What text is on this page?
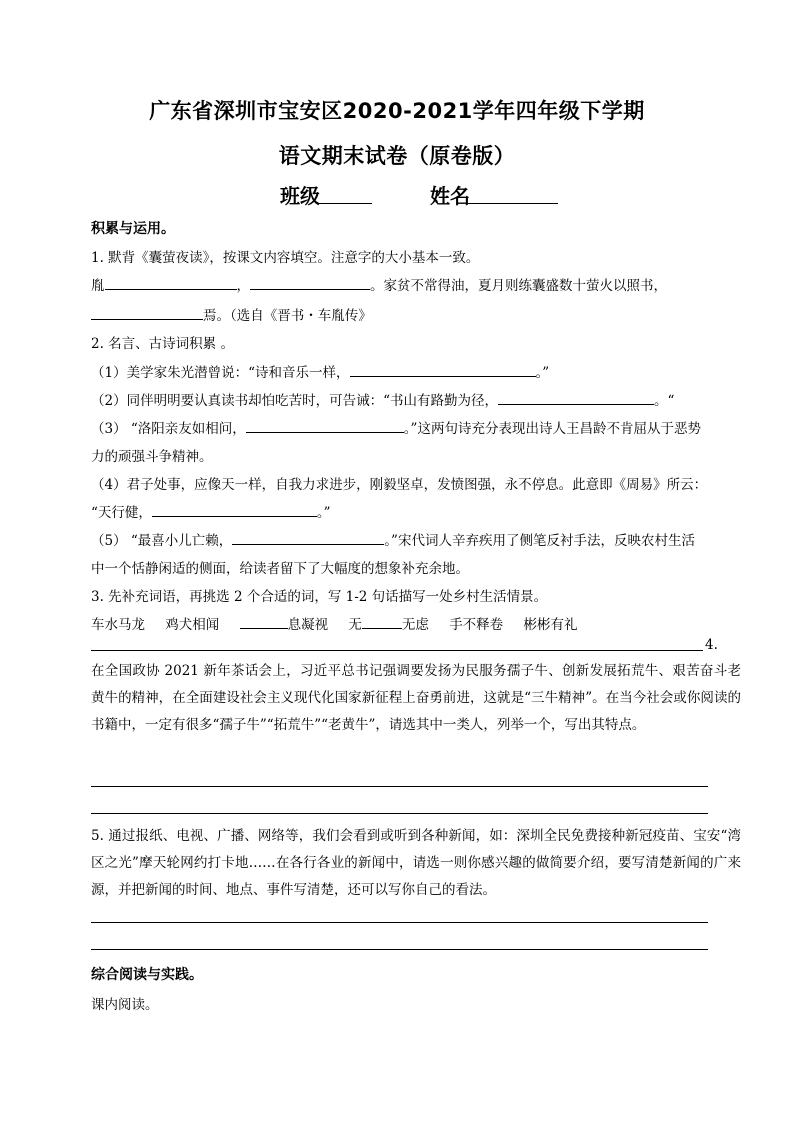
广东省深圳市宝安区2020-2021学年四年级下学期
语文期末试卷（原卷版）
班级	姓名
积累与运用。
1. 默背《囊萤夜读》，按课文内容填空。注意字的大小基本一致。
胤	，	。家贫不常得油，夏月则练囊盛数十萤火以照书，
焉。（选自《晋书・车胤传》
2. 名言、古诗词积累 。
（1）美学家朱光潜曾说：“诗和音乐一样，	。”
（2）同伴明明要认真读书却怕吃苦时，可告诫：“书山有路勤为径，	。“
（3） “洛阳亲友如相问，	。”这两句诗充分表现出诗人王昌龄不肯屈从于恶势
力的顽强斗争精神。
（4）君子处事，应像天一样，自我力求进步，刚毅坚卓，发愤图强，永不停息。此意即《周易》所云：
“天行健，	。”
（5） “最喜小儿亡赖，	。”宋代词人辛弃疾用了侧笔反衬手法，反映农村生活
中一个恬静闲适的侧面，给读者留下了大幅度的想象补充余地。
3. 先补充词语，再挑选 2 个合适的词，写 1-2 句话描写一处乡村生活情景。
车水马龙 鸡犬相闻	息凝视 无	无虑 手不释卷 彬彬有礼
4.
在全国政协 2021 新年茶话会上，习近平总书记强调要发扬为民服务孺子牛、创新发展拓荒牛、艰苦奋斗老黄牛的精神，在全面建设社会主义现代化国家新征程上奋勇前进，这就是“三牛精神”。在当今社会或你阅读的书籍中，一定有很多“孺子牛”“拓荒牛”“老黄牛”，请选其中一类人，列举一个，写出其特点。
5. 通过报纸、电视、广播、网络等，我们会看到或听到各种新闻，如：深圳全民免费接种新冠疫苗、宝安“湾区之光”摩天轮网约打卡地……在各行各业的新闻中，请选一则你感兴趣的做简要介绍，要写清楚新闻的广来源，并把新闻的时间、地点、事件写清楚，还可以写你自己的看法。
综合阅读与实践。
课内阅读。
